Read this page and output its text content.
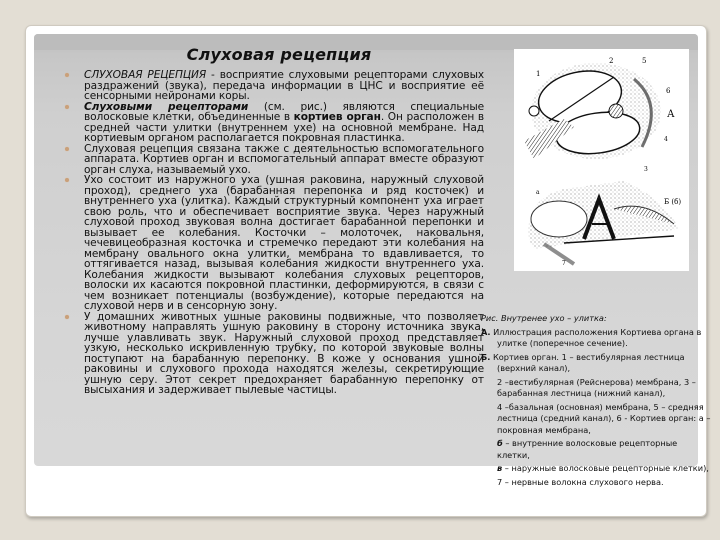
Слуховая рецепция
СЛУХОВАЯ РЕЦЕПЦИЯ - восприятие слуховыми рецепторами слуховых раздражений (звука), передача информации в ЦНС и восприятие её сенсорными нейронами коры.
Слуховыми рецепторами (см. рис.) являются специальные волосковые клетки, объединенные в кортиев орган. Он расположен в средней части улитки (внутреннем ухе) на основной мембране. Над кортиевым органом располагается покровная пластинка.
Слуховая рецепция связана также с деятельностью вспомогательного аппарата. Кортиев орган и вспомогательный аппарат вместе образуют орган слуха, называемый ухо.
Ухо состоит из наружного уха (ушная раковина, наружный слуховой проход), среднего уха (барабанная перепонка и ряд косточек) и внутреннего уха (улитка). Каждый структурный компонент уха играет свою роль, что и обеспечивает восприятие звука. Через наружный слуховой проход звуковая волна достигает барабанной перепонки и вызывает ее колебания. Косточки – молоточек, наковальня, чечевицеобразная косточка и стремечко передают эти колебания на мембрану овального окна улитки, мембрана то вдавливается, то оттягивается назад, вызывая колебания жидкости внутреннего уха. Колебания жидкости вызывают колебания слуховых рецепторов, волоски их касаются покровной пластинки, деформируются, в связи с чем возникает потенциалы (возбуждение), которые передаются на слуховой нерв и в сенсорную зону.
У домашних животных ушные раковины подвижные, что позволяет животному направлять ушную раковину в сторону источника звука, лучше улавливать звук. Наружный слуховой проход представляет узкую, несколько искривленную трубку, по которой звуковые волны поступают на барабанную перепонку. В коже у основания ушной раковины и слухового прохода находятся железы, секретирующие ушную серу. Этот секрет предохраняет барабанную перепонку от высыхания и задерживает пылевые частицы.
1
2	5
6
А
4
3
Б (б)
а
7
Рис. Внутренее ухо – улитка:
А. Иллюстрация расположения Кортиева органа в улитке (поперечное сечение).
Б. Кортиев орган. 1 – вестибулярная лестница (верхний канал),
2 –вестибулярная (Рейснерова) мембрана, 3 – барабанная лестница (нижний канал),
4 –базальная (основная) мембрана, 5 – средняя лестница (средний канал), 6 - Кортиев орган: а – покровная мембрана,
б – внутренние волосковые рецепторные клетки,
в – наружные волосковые рецепторные клетки),
7 – нервные волокна слухового нерва.
